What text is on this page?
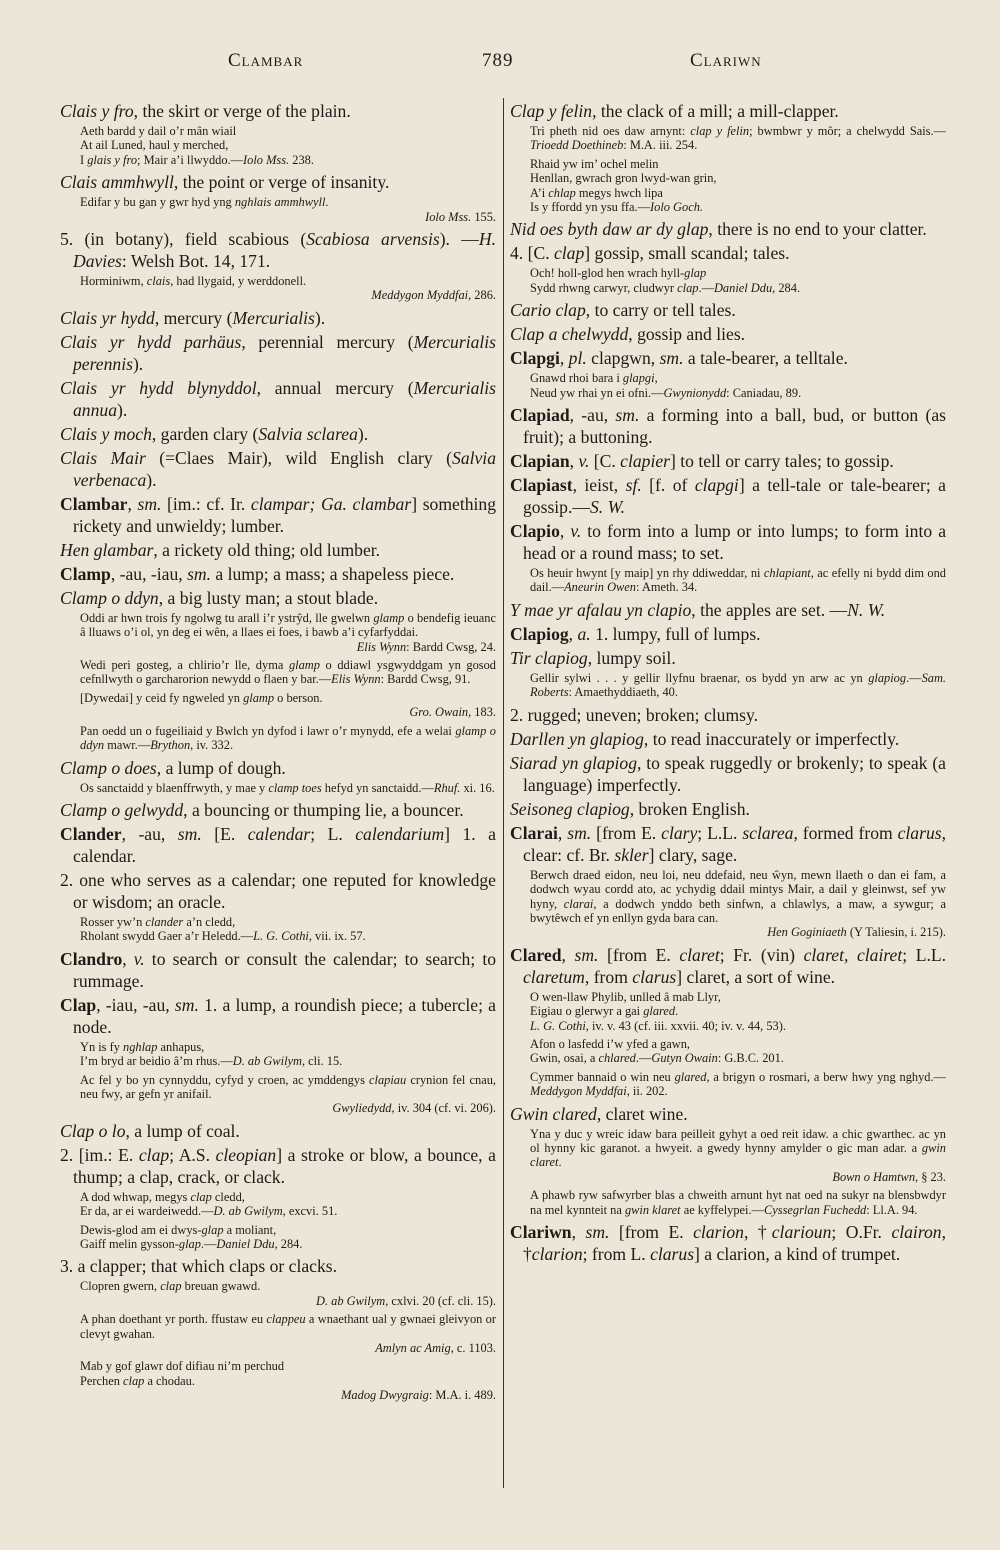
Clambar	789	Clariwn
Clais y fro, the skirt or verge of the plain.
Aeth bardd y dail o’r mân wiail
At ail Luned, haul y merched,
I glais y fro; Mair a’i llwyddo.—Iolo Mss. 238.
Clais ammhwyll, the point or verge of insanity.
Edifar y bu gan y gwr hyd yng nghlais ammhwyll.
Iolo Mss. 155.
5. (in botany), field scabious (Scabiosa arvensis). —H. Davies: Welsh Bot. 14, 171.
Horminiwm, clais, had llygaid, y werddonell.
Meddygon Myddfai, 286.
Clais yr hydd, mercury (Mercurialis).
Clais yr hydd parhäus, perennial mercury (Mercurialis perennis).
Clais yr hydd blynyddol, annual mercury (Mercurialis annua).
Clais y moch, garden clary (Salvia sclarea).
Clais Mair (=Claes Mair), wild English clary (Salvia verbenaca).
Clambar, sm. [im.: cf. Ir. clampar; Ga. clambar] something rickety and unwieldy; lumber.
Hen glambar, a rickety old thing; old lumber.
Clamp, -au, -iau, sm. a lump; a mass; a shapeless piece.
Clamp o ddyn, a big lusty man; a stout blade.
Oddi ar hwn trois fy ngolwg tu arall i’r ystrŷd, lle gwelwn glamp o bendefig ieuanc â lluaws o’i ol, yn deg ei wên, a llaes ei foes, i bawb a’i cyfarfyddai.
Elis Wynn: Bardd Cwsg, 24.
Wedi peri gosteg, a chlirio’r lle, dyma glamp o ddiawl ysgwyddgam yn gosod cefnllwyth o garcharorion newydd o flaen y bar.—Elis Wynn: Bardd Cwsg, 91.
[Dywedai] y ceid fy ngweled yn glamp o berson.
Gro. Owain, 183.
Pan oedd un o fugeiliaid y Bwlch yn dyfod i lawr o’r mynydd, efe a welai glamp o ddyn mawr.—Brython, iv. 332.
Clamp o does, a lump of dough.
Os sanctaidd y blaenffrwyth, y mae y clamp toes hefyd yn sanctaidd.—Rhuf. xi. 16.
Clamp o gelwydd, a bouncing or thumping lie, a bouncer.
Clander, -au, sm. [E. calendar; L. calendarium] 1. a calendar.
2. one who serves as a calendar; one reputed for knowledge or wisdom; an oracle.
Rosser yw’n clander a’n cledd,
Rholant swydd Gaer a’r Heledd.—L. G. Cothi, vii. ix. 57.
Clandro, v. to search or consult the calendar; to search; to rummage.
Clap, -iau, -au, sm. 1. a lump, a roundish piece; a tubercle; a node.
Yn is fy nghlap anhapus,
I’m bryd ar beidio â’m rhus.—D. ab Gwilym, cli. 15.
Ac fel y bo yn cynnyddu, cyfyd y croen, ac ymddengys clapiau crynion fel cnau, neu fwy, ar gefn yr anifail.
Gwyliedydd, iv. 304 (cf. vi. 206).
Clap o lo, a lump of coal.
2. [im.: E. clap; A.S. cleopian] a stroke or blow, a bounce, a thump; a clap, crack, or clack.
A dod whwap, megys clap cledd,
Er da, ar ei wardeiwedd.—D. ab Gwilym, excvi. 51.
Dewis-glod am ei dwys-glap a moliant,
Gaiff melin gysson-glap.—Daniel Ddu, 284.
3. a clapper; that which claps or clacks.
Clopren gwern, clap breuan gwawd.
D. ab Gwilym, cxlvi. 20 (cf. cli. 15).
A phan doethant yr porth. ffustaw eu clappeu a wnaethant ual y gwnaei gleivyon or clevyt gwahan.
Amlyn ac Amig, c. 1103.
Mab y gof glawr dof difiau ni’m perchud
Perchen clap a chodau.
Madog Dwygraig: M.A. i. 489.
Clap y felin, the clack of a mill; a mill-clapper.
Tri pheth nid oes daw arnynt: clap y felin; bwmbwr y môr; a chelwydd Sais.—Trioedd Doethineb: M.A. iii. 254.
Rhaid yw im’ ochel melin
Henllan, gwrach gron lwyd-wan grin,
A’i chlap megys hwch lipa
Is y ffordd yn ysu ffa.—Iolo Goch.
Nid oes byth daw ar dy glap, there is no end to your clatter.
4. [C. clap] gossip, small scandal; tales.
Och! holl-glod hen wrach hyll-glap
Sydd rhwng carwyr, cludwyr clap.—Daniel Ddu, 284.
Cario clap, to carry or tell tales.
Clap a chelwydd, gossip and lies.
Clapgi, pl. clapgwn, sm. a tale-bearer, a telltale.
Gnawd rhoi bara i glapgi,
Neud yw rhai yn ei ofni.—Gwynionydd: Caniadau, 89.
Clapiad, -au, sm. a forming into a ball, bud, or button (as fruit); a buttoning.
Clapian, v. [C. clapier] to tell or carry tales; to gossip.
Clapiast, ieist, sf. [f. of clapgi] a tell-tale or tale-bearer; a gossip.—S. W.
Clapio, v. to form into a lump or into lumps; to form into a head or a round mass; to set.
Os heuir hwynt [y maip] yn rhy ddiweddar, ni chlapiant, ac efelly ni bydd dim ond dail.—Aneurin Owen: Ameth. 34.
Y mae yr afalau yn clapio, the apples are set. —N. W.
Clapiog, a. 1. lumpy, full of lumps.
Tir clapiog, lumpy soil.
Gellir sylwi . . . y gellir llyfnu braenar, os bydd yn arw ac yn glapiog.—Sam. Roberts: Amaethyddiaeth, 40.
2. rugged; uneven; broken; clumsy.
Darllen yn glapiog, to read inaccurately or imperfectly.
Siarad yn glapiog, to speak ruggedly or brokenly; to speak (a language) imperfectly.
Seisoneg clapiog, broken English.
Clarai, sm. [from E. clary; L.L. sclarea, formed from clarus, clear: cf. Br. skler] clary, sage.
Berwch draed eidon, neu loi, neu ddefaid, neu ŵyn, mewn llaeth o dan ei fam, a dodwch wyau cordd ato, ac ychydig ddail mintys Mair, a dail y gleinwst, sef yw hyny, clarai, a dodwch ynddo beth sinfwn, a chlawlys, a maw, a sywgur; a bwytêwch ef yn enllyn gyda bara can.
Hen Goginiaeth (Y Taliesin, i. 215).
Clared, sm. [from E. claret; Fr. (vin) claret, clairet; L.L. claretum, from clarus] claret, a sort of wine.
O wen-llaw Phylib, unlled â mab Llyr,
Eigiau o glerwyr a gai glared.
L. G. Cothi, iv. v. 43 (cf. iii. xxvii. 40; iv. v. 44, 53).
Afon o lasfedd i’w yfed a gawn,
Gwin, osai, a chlared.—Gutyn Owain: G.B.C. 201.
Cymmer bannaid o win neu glared, a brigyn o rosmari, a berw hwy yng nghyd.—Meddygon Myddfai, ii. 202.
Gwin clared, claret wine.
Yna y duc y wreic idaw bara peilleit gyhyt a oed reit idaw. a chic gwarthec. ac yn ol hynny kic garanot. a hwyeit. a gwedy hynny amylder o gic man adar. a gwin claret.
Bown o Hamtwn, § 23.
A phawb ryw safwyrber blas a chweith arnunt hyt nat oed na sukyr na blensbwdyr na mel kynnteit na gwin klaret ae kyffelypei.—Cyssegrlan Fuchedd: Ll.A. 94.
Clariwn, sm. [from E. clarion, †clarioun; O.Fr. clairon, †clarion; from L. clarus] a clarion, a kind of trumpet.
